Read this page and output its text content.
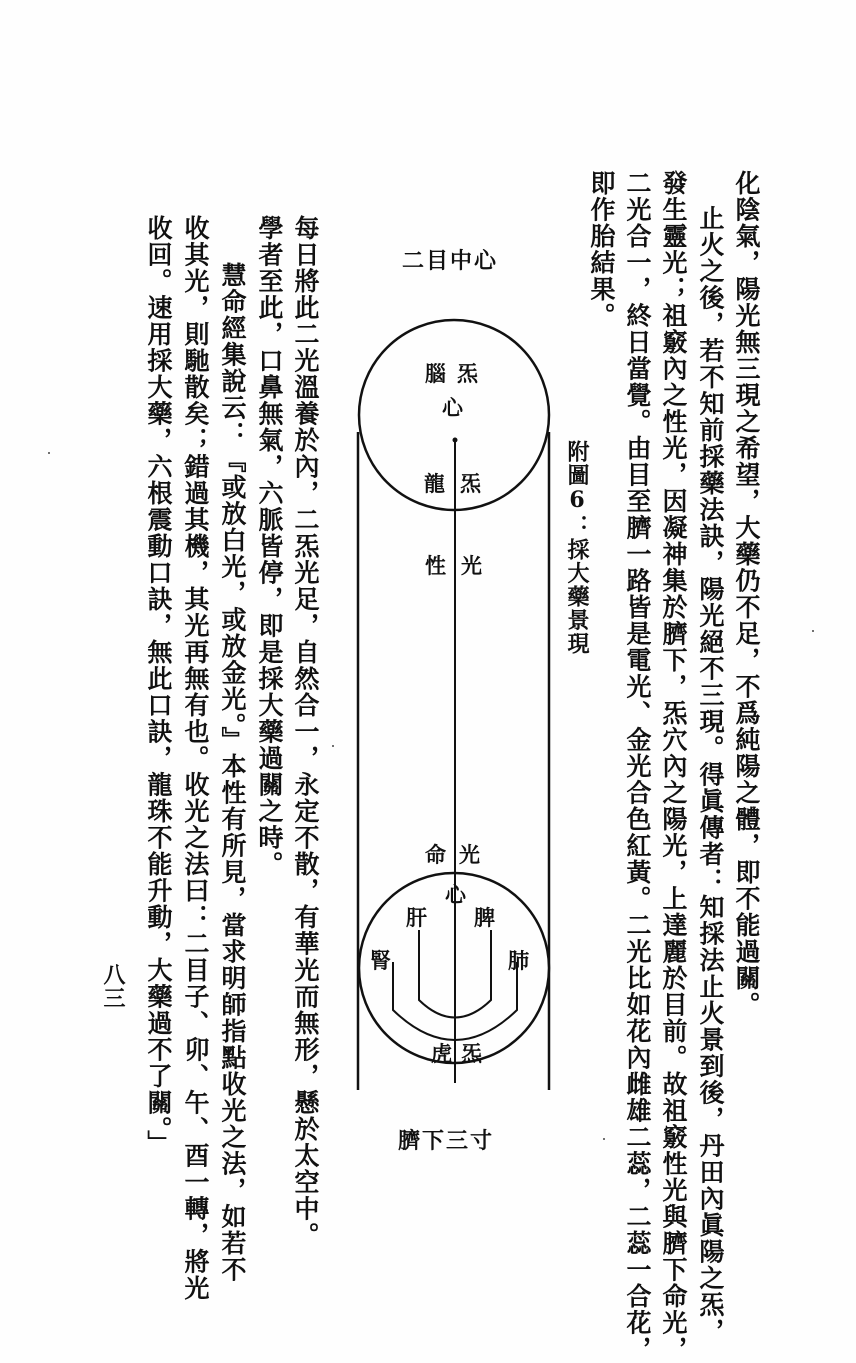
化陰氣，陽光無三現之希望，大藥仍不足，不爲純陽之體，即不能過關。
止火之後，若不知前採藥法訣，陽光絕不三現。得眞傳者：知採法止火景到後，丹田內眞陽之炁，
發生靈光；祖竅內之性光，因凝神集於臍下，炁穴內之陽光，上達麗於目前。故祖竅性光與臍下命光，
二光合一，終日當覺。由目至臍一路皆是電光、金光合色紅黃。二光比如花內雌雄二蕊，二蕊一合花，
即作胎結果。
附圖6：採大藥景現
二目中心
腦 炁
心
龍 炁
性 光
命 光
心
肝 脾
腎	肺
虎 炁
臍下三寸
每日將此二光溫養於內，二炁光足，自然合一，永定不散，有華光而無形，懸於太空中。
學者至此，口鼻無氣，六脈皆停，即是採大藥過關之時。
慧命經集說云：『或放白光，或放金光。』本性有所見，當求明師指點收光之法，如若不
收其光，則馳散矣；錯過其機，其光再無有也。收光之法曰：二目子、卯、午、酉一轉，將光
收回。速用採大藥，六根震動口訣，無此口訣，龍珠不能升動，大藥過不了關。」
八三
